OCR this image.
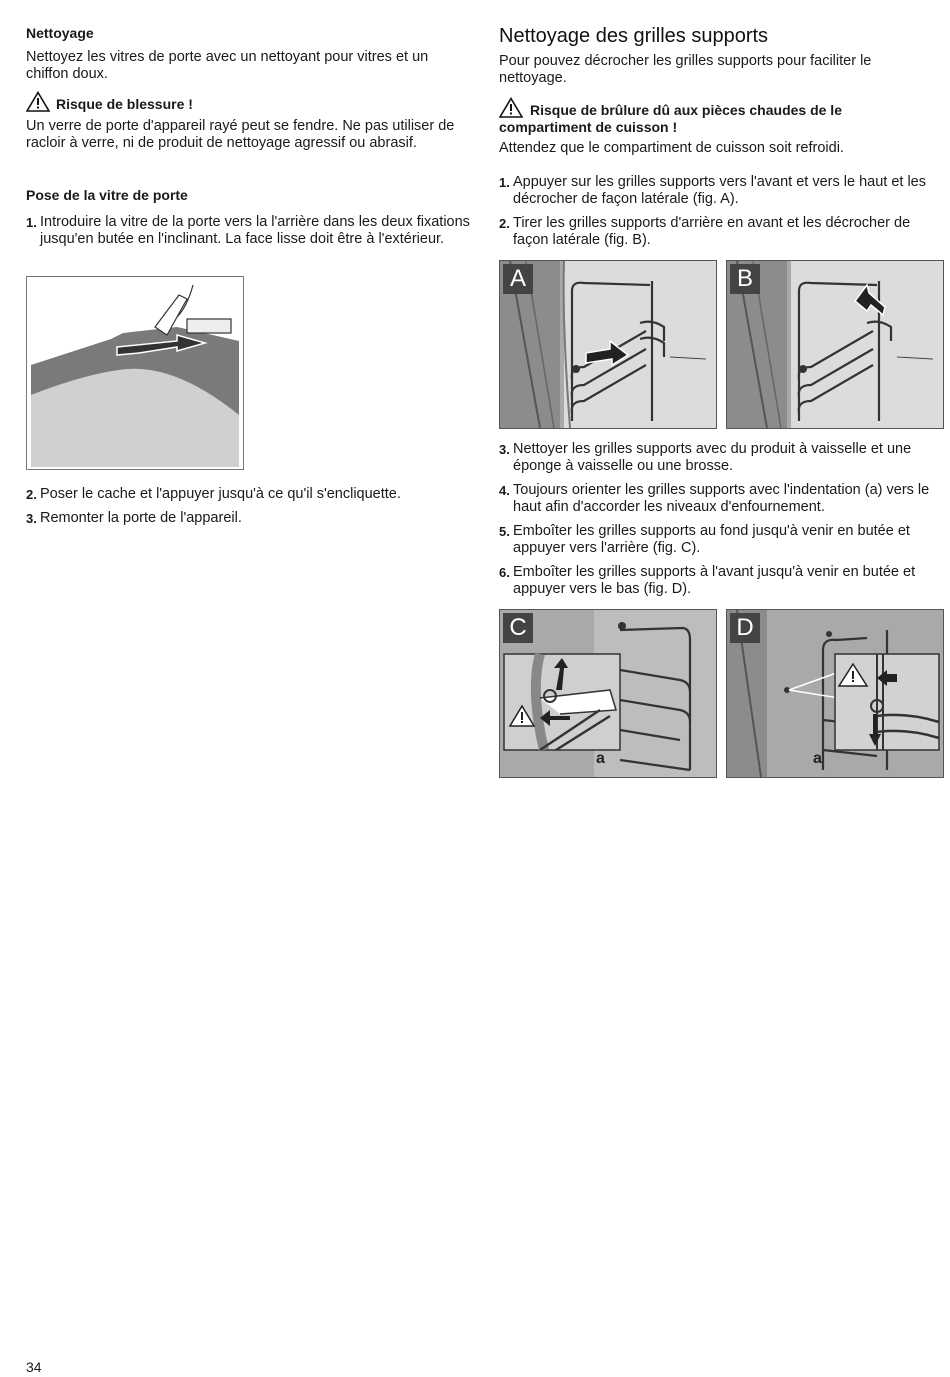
Nettoyage

Nettoyez les vitres de porte avec un nettoyant pour vitres et un chiffon doux.

Risque de blessure !

Un verre de porte d'appareil rayé peut se fendre. Ne pas utiliser de racloir à verre, ni de produit de nettoyage agressif ou abrasif.

Pose de la vitre de porte
1. Introduire la vitre de la porte vers la l'arrière dans les deux fixations jusqu'en butée en l'inclinant. La face lisse doit être à l'extérieur.
2. Poser le cache et l'appuyer jusqu'à ce qu'il s'encliquette.
3. Remonter la porte de l'appareil.
Nettoyage des grilles supports

Pour pouvez décrocher les grilles supports pour faciliter le nettoyage.

Risque de brûlure dû aux pièces chaudes de le compartiment de cuisson !

Attendez que le compartiment de cuisson soit refroidi.

1. Appuyer sur les grilles supports vers l'avant et vers le haut et les décrocher de façon latérale (fig. A).
2. Tirer les grilles supports d'arrière en avant et les décrocher de façon latérale (fig. B).
A	B
3. Nettoyer les grilles supports avec du produit à vaisselle et une éponge à vaisselle ou une brosse.
4. Toujours orienter les grilles supports avec l'indentation (a) vers le haut afin d'accorder les niveaux d'enfournement.
5. Emboîter les grilles supports au fond jusqu'à venir en butée et appuyer vers l'arrière (fig. C).
6. Emboîter les grilles supports à l'avant jusqu'à venir en butée et appuyer vers le bas (fig. D).
C
a
D
a
34
